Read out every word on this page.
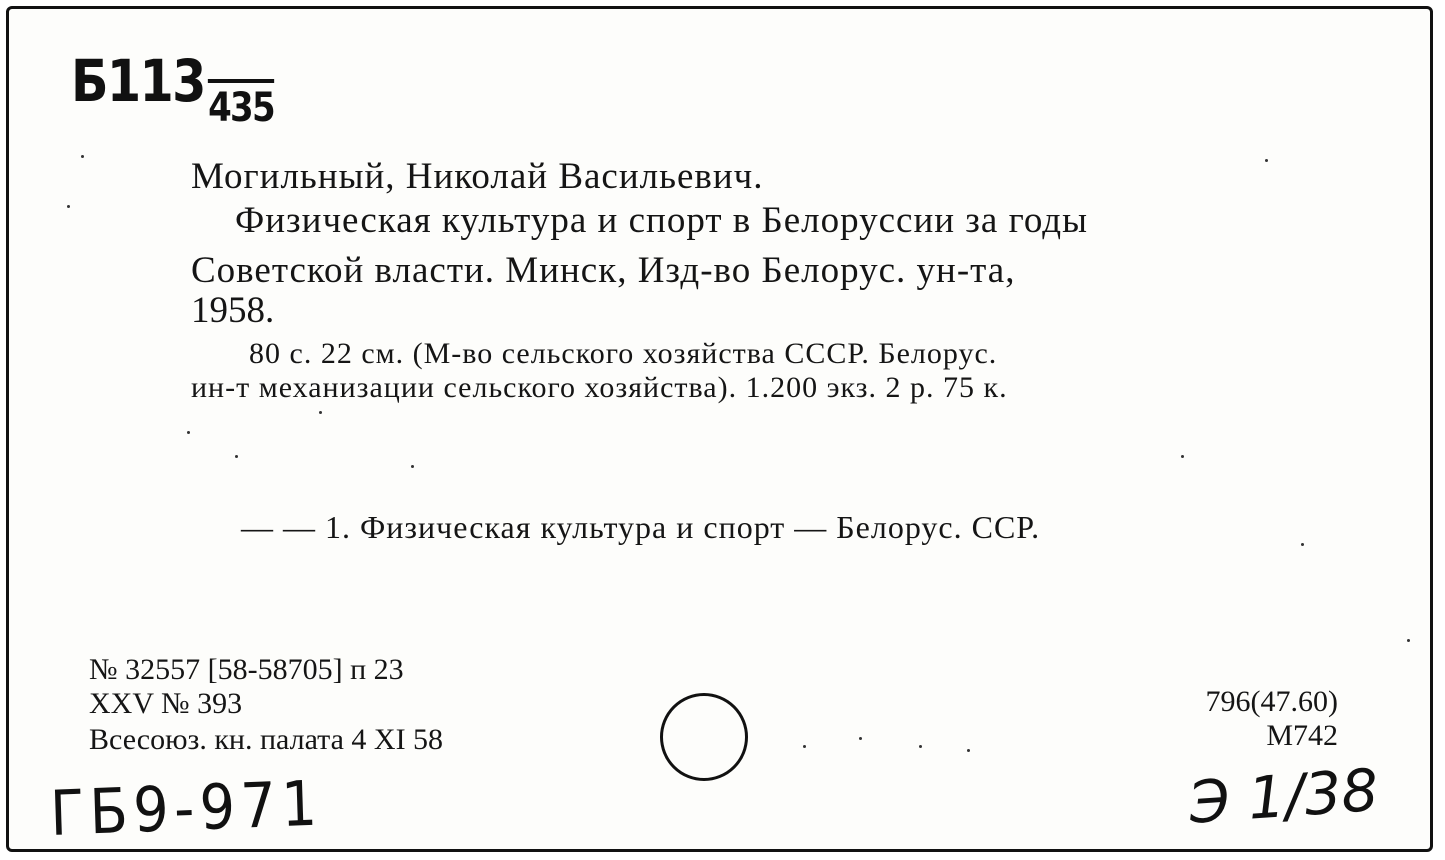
Б113435
Могильный, Николай Васильевич.
Физическая культура и спорт в Белоруссии за годы
Советской власти. Минск, Изд-во Белорус. ун-та,
1958.
80 с. 22 см. (М-во сельского хозяйства СССР. Белорус.
ин-т механизации сельского хозяйства). 1.200 экз. 2 р. 75 к.
— — 1. Физическая культура и спорт — Белорус. ССР.
№ 32557 [58-58705] п 23
XXV № 393
Всесоюз. кн. палата 4 XI 58
796(47.60)
М742
ГБ9-971	Э 1/38
